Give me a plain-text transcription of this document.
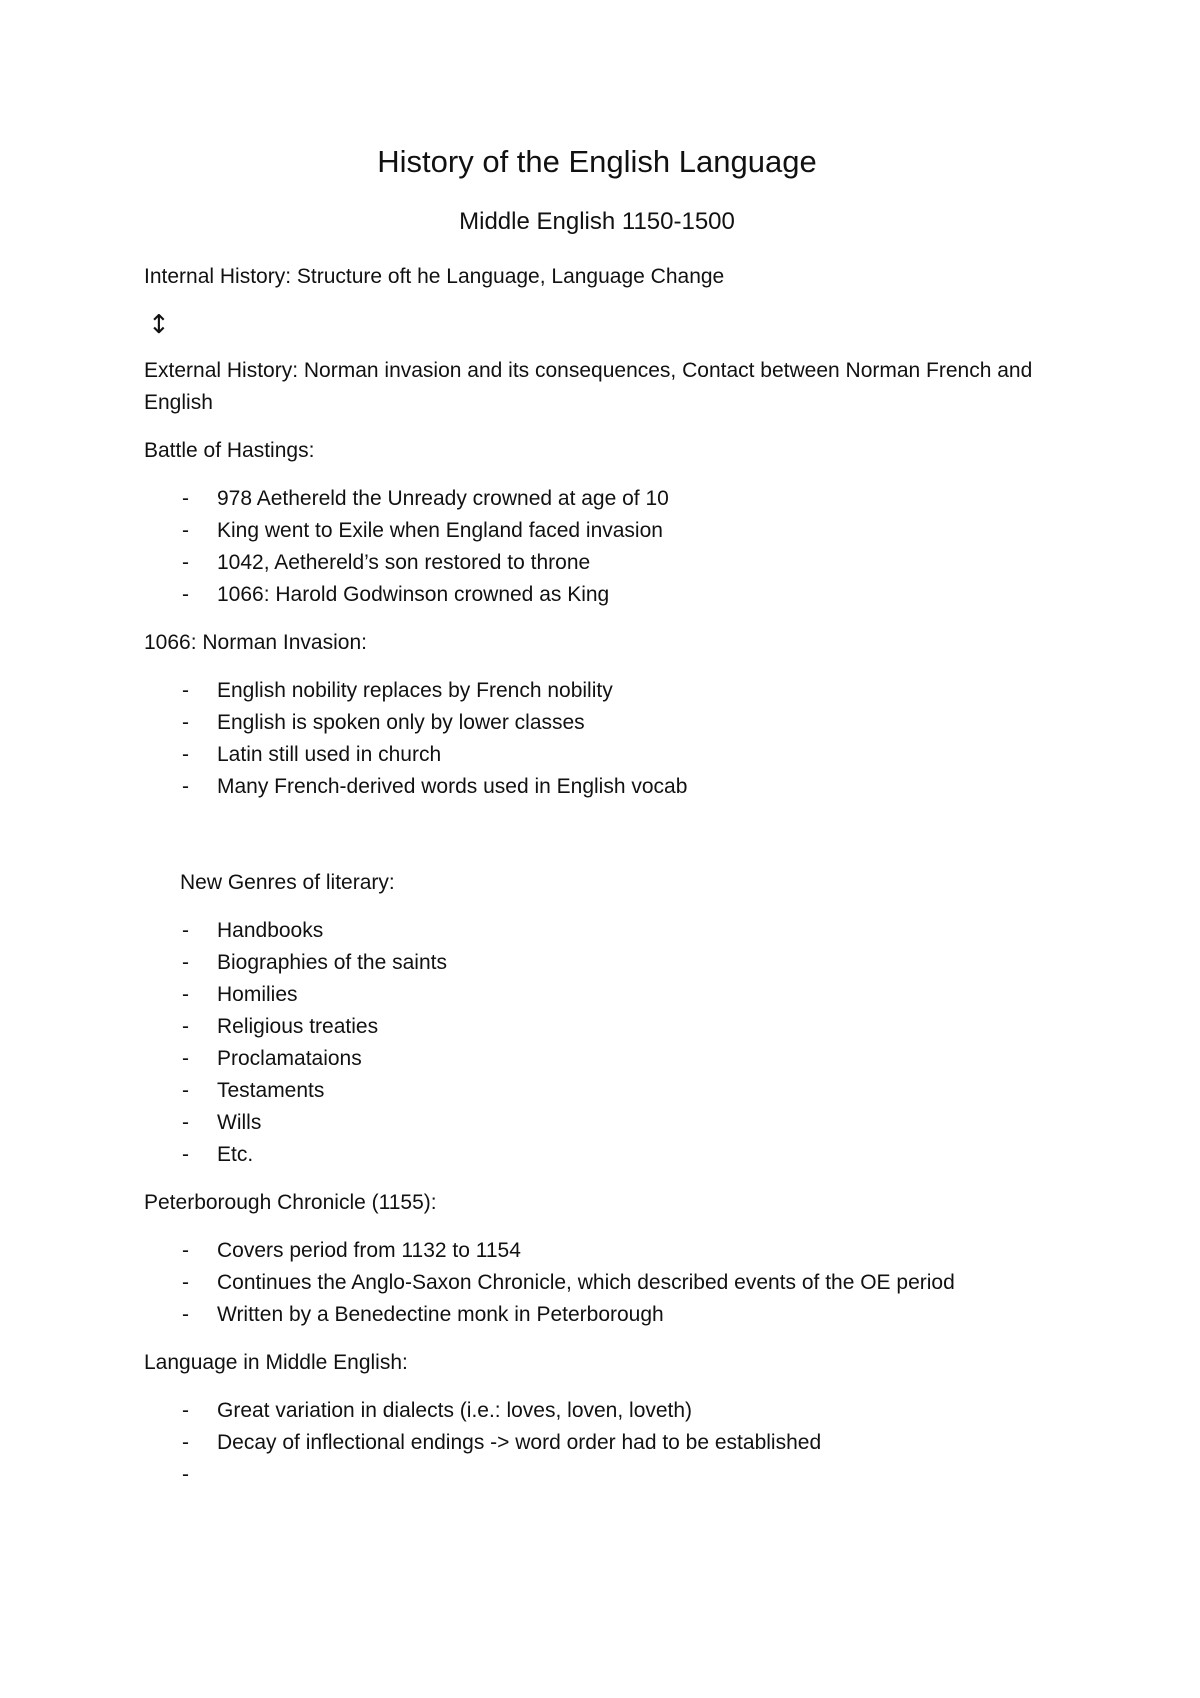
History of the English Language
Middle English 1150-1500
Internal History: Structure oft he Language, Language Change
↕
External History: Norman invasion and its consequences, Contact between Norman French and English
Battle of Hastings:
- 978 Aethereld the Unready crowned at age of 10
- King went to Exile when England faced invasion
- 1042, Aethereld’s son restored to throne
- 1066: Harold Godwinson crowned as King
1066: Norman Invasion:
- English nobility replaces by French nobility
- English is spoken only by lower classes
- Latin still used in church
- Many French-derived words used in English vocab
New Genres of literary:
- Handbooks
- Biographies of the saints
- Homilies
- Religious treaties
- Proclamataions
- Testaments
- Wills
- Etc.
Peterborough Chronicle (1155):
- Covers period from 1132 to 1154
- Continues the Anglo-Saxon Chronicle, which described events of the OE period
- Written by a Benedectine monk in Peterborough
Language in Middle English:
- Great variation in dialects (i.e.: loves, loven, loveth)
- Decay of inflectional endings -> word order had to be established
-
